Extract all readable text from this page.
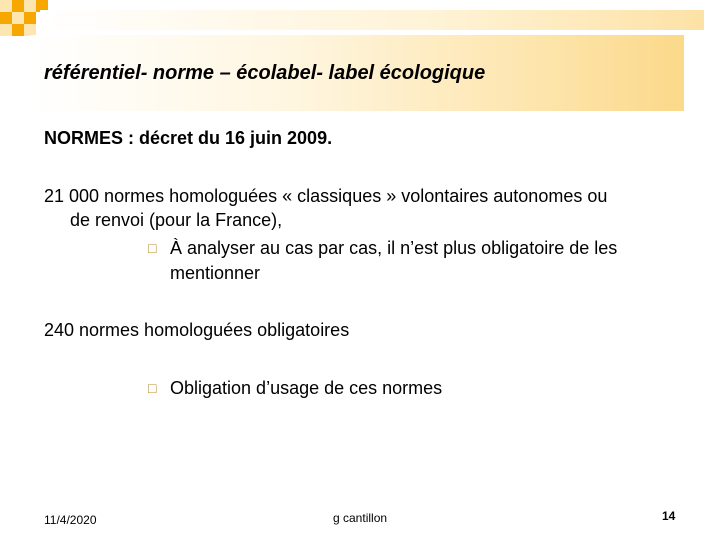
référentiel- norme – écolabel- label écologique
NORMES : décret du 16 juin 2009.
21 000 normes homologuées « classiques » volontaires autonomes ou
de renvoi (pour la France),
□ À analyser au cas par cas, il n’est plus obligatoire de les
mentionner
240 normes homologuées obligatoires
□ Obligation d’usage de ces normes
11/4/2020	g cantillon	14
